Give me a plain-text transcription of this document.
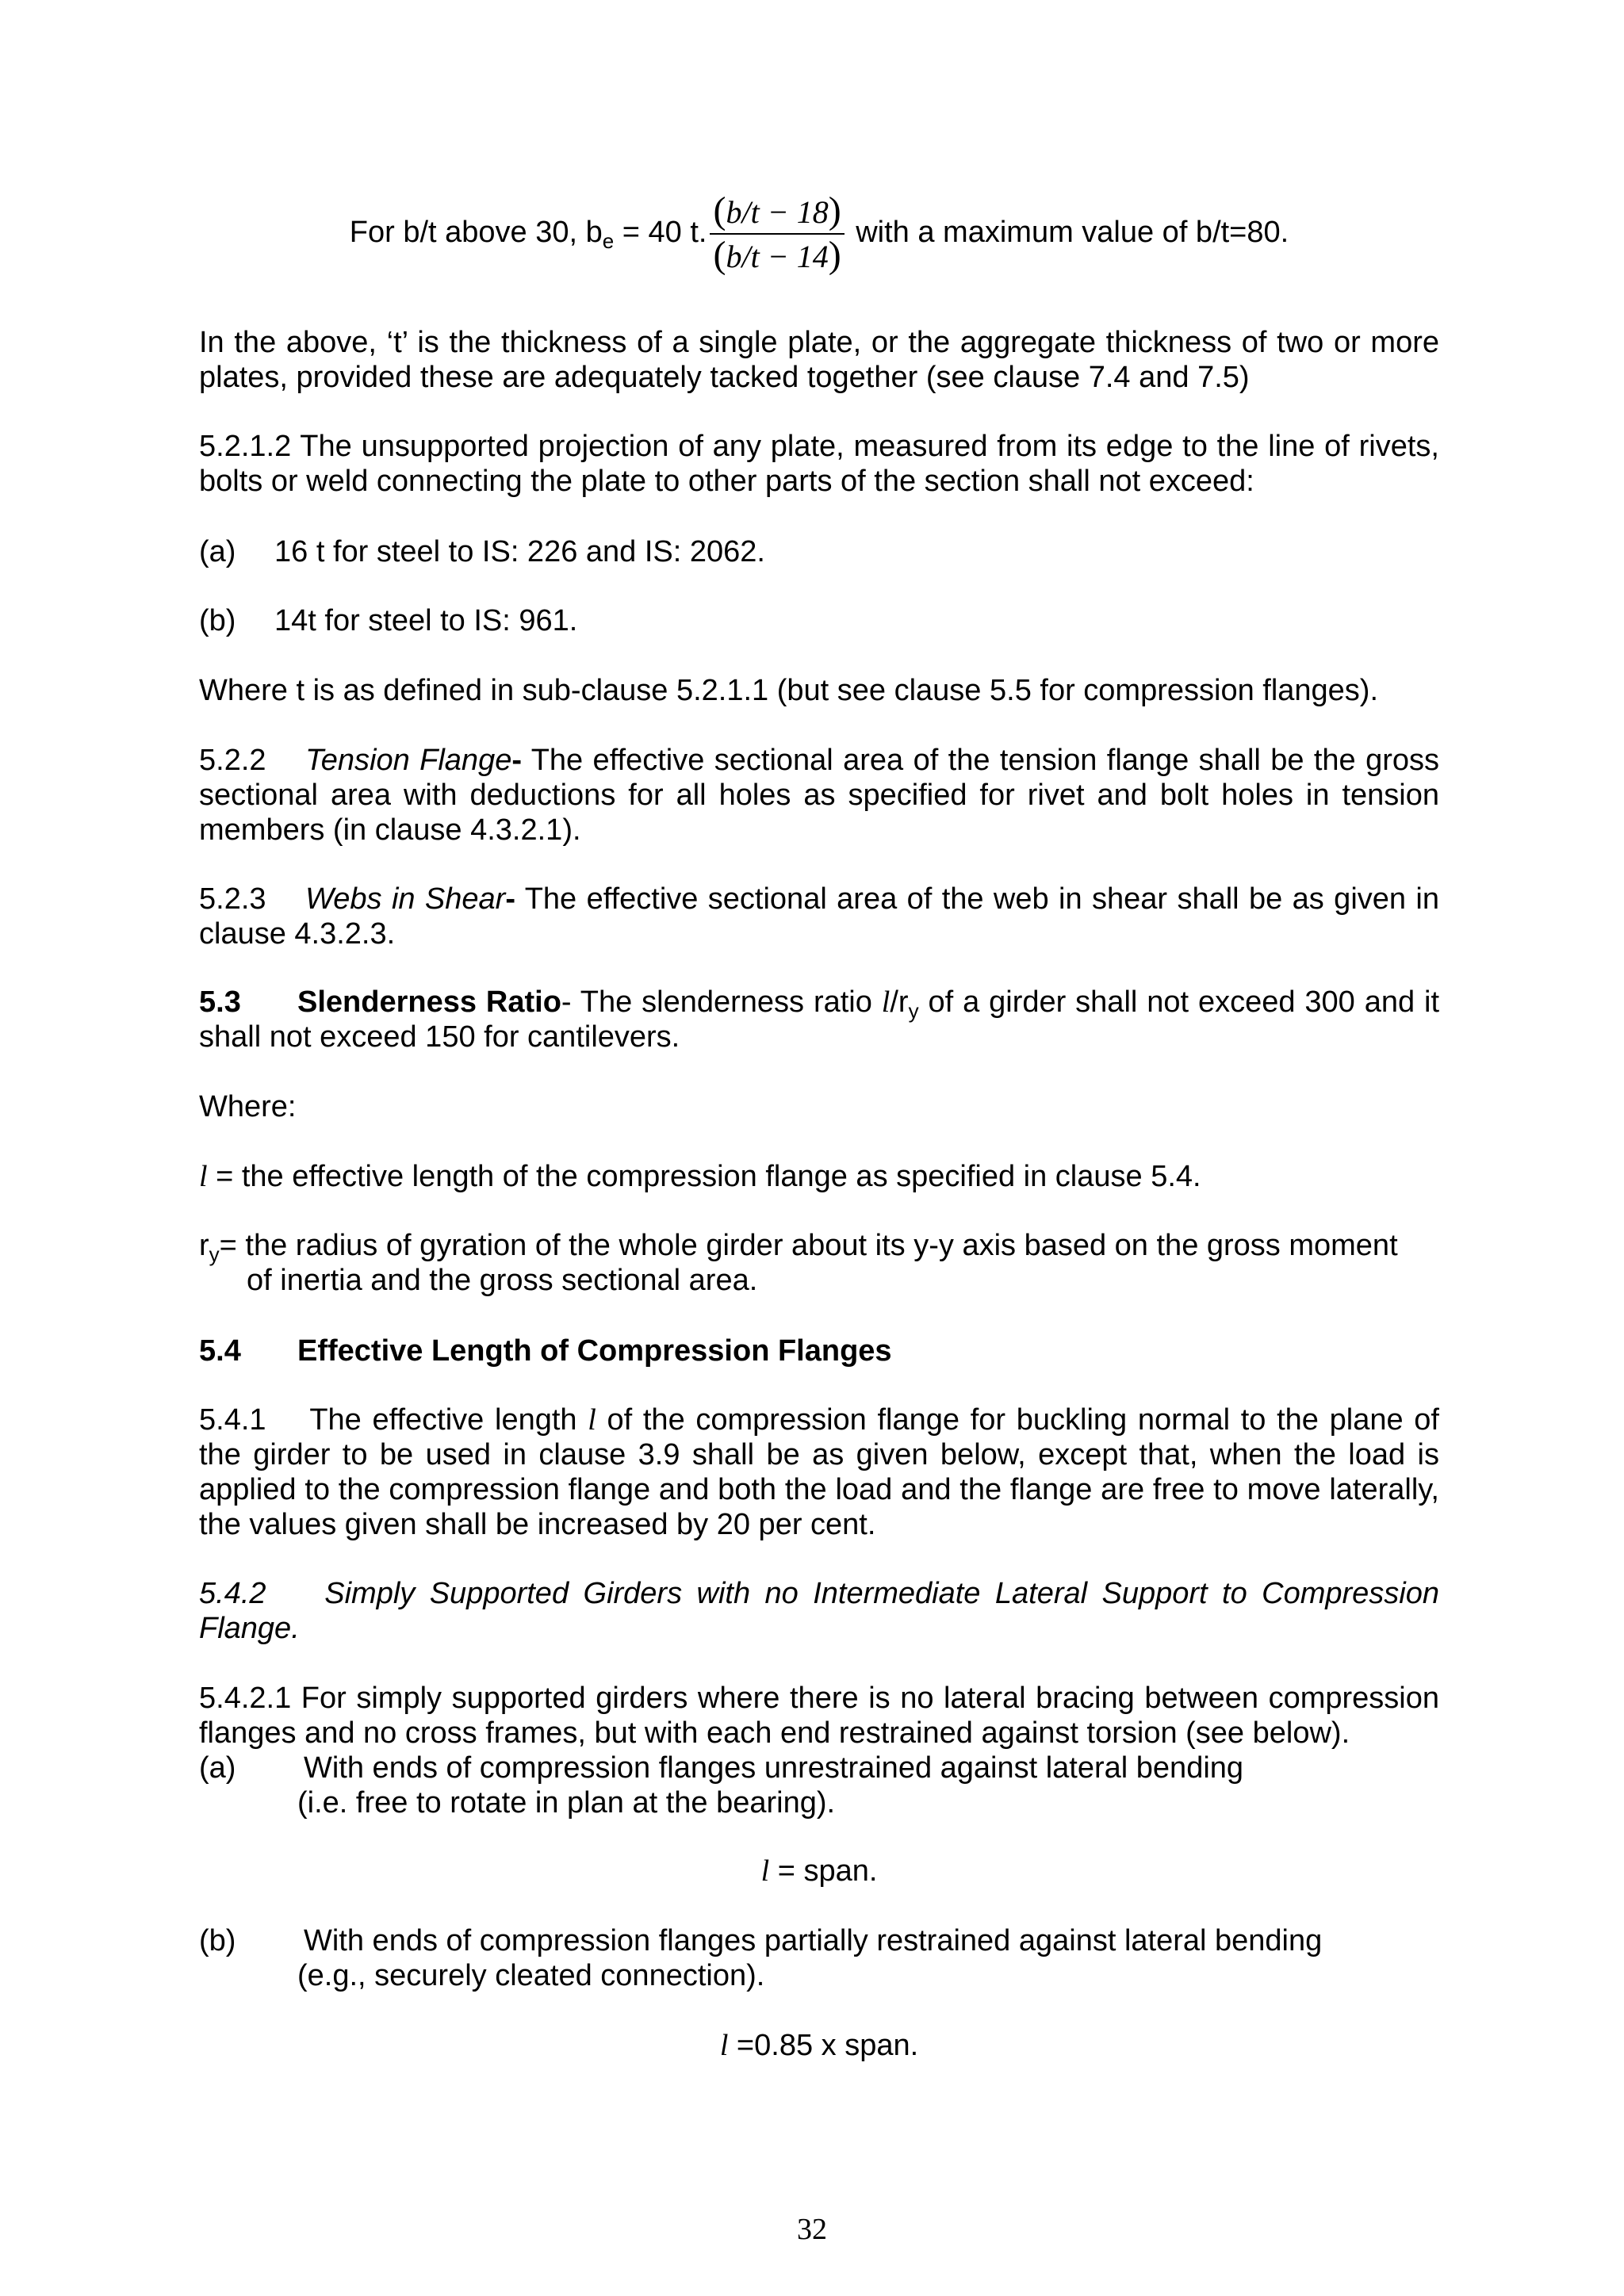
For b/t above 30, $b_e = 40$ t. $\frac{(b/t - 18)}{(b/t - 14)}$ with a maximum value of b/t=80.
In the above, ‘t’ is the thickness of a single plate, or the aggregate thickness of two or more plates, provided these are adequately tacked together (see clause 7.4 and 7.5)
5.2.1.2 The unsupported projection of any plate, measured from its edge to the line of rivets, bolts or weld connecting the plate to other parts of the section shall not exceed:
(a) 16 t for steel to IS: 226 and IS: 2062.
(b) 14t for steel to IS: 961.
Where t is as defined in sub-clause 5.2.1.1 (but see clause 5.5 for compression flanges).
5.2.2 Tension Flange- The effective sectional area of the tension flange shall be the gross sectional area with deductions for all holes as specified for rivet and bolt holes in tension members (in clause 4.3.2.1).
5.2.3 Webs in Shear- The effective sectional area of the web in shear shall be as given in clause 4.3.2.3.
5.3 Slenderness Ratio- The slenderness ratio $l/r_y$ of a girder shall not exceed 300 and it shall not exceed 150 for cantilevers.
Where:
l = the effective length of the compression flange as specified in clause 5.4.
$r_y=$ the radius of gyration of the whole girder about its y-y axis based on the gross moment
of inertia and the gross sectional area.
5.4 Effective Length of Compression Flanges
5.4.1 The effective length l of the compression flange for buckling normal to the plane of the girder to be used in clause 3.9 shall be as given below, except that, when the load is applied to the compression flange and both the load and the flange are free to move laterally, the values given shall be increased by 20 per cent.
5.4.2 Simply Supported Girders with no Intermediate Lateral Support to Compression Flange.
5.4.2.1 For simply supported girders where there is no lateral bracing between compression flanges and no cross frames, but with each end restrained against torsion (see below).
(a) With ends of compression flanges unrestrained against lateral bending
(i.e. free to rotate in plan at the bearing).
l = span.
(b) With ends of compression flanges partially restrained against lateral bending
(e.g., securely cleated connection).
l =0.85 x span.
32
